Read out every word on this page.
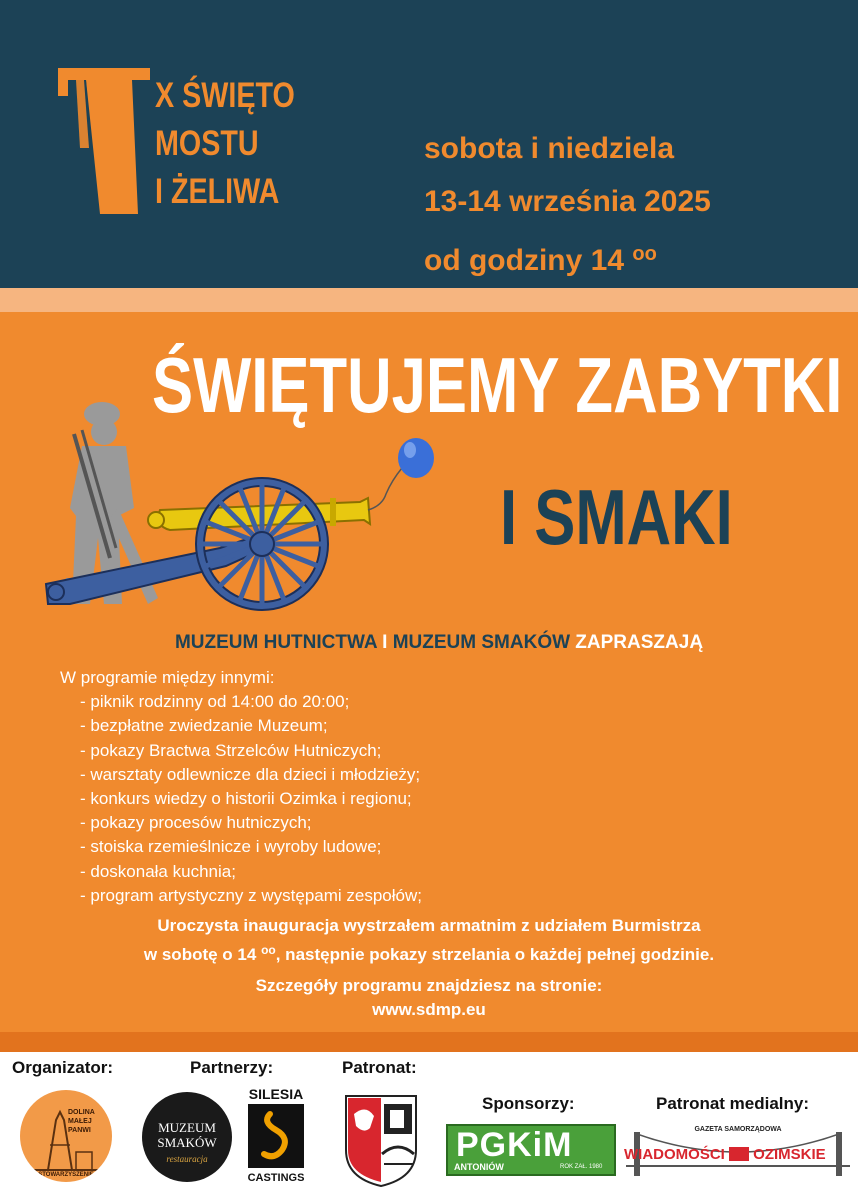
X ŚWIĘTO
MOSTU
I ŻELIWA
sobota i niedziela
13-14 września 2025
od godziny 14 $^{oo}$
ŚWIĘTUJEMY ZABYTKI
I SMAKI
MUZEUM HUTNICTWA I MUZEUM SMAKÓW ZAPRASZAJĄ
W programie między innymi:
- piknik rodzinny od 14:00 do 20:00;
- bezpłatne zwiedzanie Muzeum;
- pokazy Bractwa Strzelców Hutniczych;
- warsztaty odlewnicze dla dzieci i młodzieży;
- konkurs wiedzy o historii Ozimka i regionu;
- pokazy procesów hutniczych;
- stoiska rzemieślnicze i wyroby ludowe;
- doskonała kuchnia;
- program artystyczny z występami zespołów;
Uroczysta inauguracja wystrzałem armatnim z udziałem Burmistrza
w sobotę o 14 $^{oo}$, następnie pokazy strzelania o każdej pełnej godzinie.
Szczegóły programu znajdziesz na stronie:
www.sdmp.eu
Organizator:	Partnerzy:	Patronat:
Sponsorzy:	Patronat medialny:
DOLINA
MAŁEJ
PANWI
STOWARZYSZENIE
MUZEUM
SMAKÓW
restauracja
SILESIA
CASTINGS
PGKiM
ANTONIÓW	ROK ZAŁ. 1980
GAZETA SAMORZĄDOWA
WIADOMOŚCI OZIMSKIE
